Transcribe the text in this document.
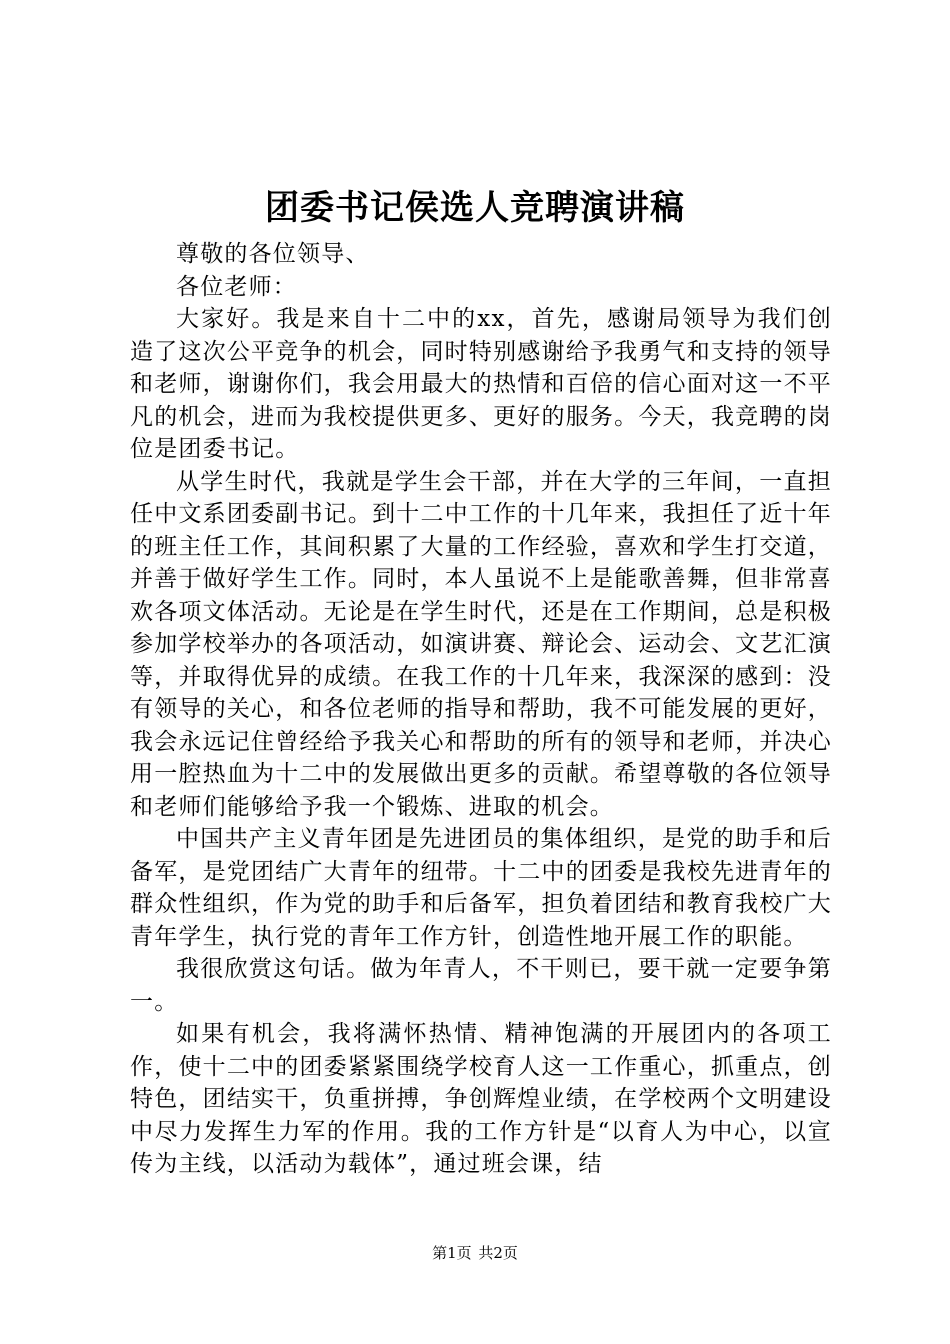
团委书记侯选人竞聘演讲稿

尊敬的各位领导、

各位老师：

大家好。我是来自十二中的xx，首先，感谢局领导为我们创造了这次公平竞争的机会，同时特别感谢给予我勇气和支持的领导和老师，谢谢你们，我会用最大的热情和百倍的信心面对这一不平凡的机会，进而为我校提供更多、更好的服务。今天，我竞聘的岗位是团委书记。

从学生时代，我就是学生会干部，并在大学的三年间，一直担任中文系团委副书记。到十二中工作的十几年来，我担任了近十年的班主任工作，其间积累了大量的工作经验，喜欢和学生打交道，并善于做好学生工作。同时，本人虽说不上是能歌善舞，但非常喜欢各项文体活动。无论是在学生时代，还是在工作期间，总是积极参加学校举办的各项活动，如演讲赛、辩论会、运动会、文艺汇演等，并取得优异的成绩。在我工作的十几年来，我深深的感到：没有领导的关心，和各位老师的指导和帮助，我不可能发展的更好，我会永远记住曾经给予我关心和帮助的所有的领导和老师，并决心用一腔热血为十二中的发展做出更多的贡献。希望尊敬的各位领导和老师们能够给予我一个锻炼、进取的机会。

中国共产主义青年团是先进团员的集体组织，是党的助手和后备军，是党团结广大青年的纽带。十二中的团委是我校先进青年的群众性组织，作为党的助手和后备军，担负着团结和教育我校广大青年学生，执行党的青年工作方针，创造性地开展工作的职能。

我很欣赏这句话。做为年青人，不干则已，要干就一定要争第一。

如果有机会，我将满怀热情、精神饱满的开展团内的各项工作，使十二中的团委紧紧围绕学校育人这一工作重心，抓重点，创特色，团结实干，负重拼搏，争创辉煌业绩，在学校两个文明建设中尽力发挥生力军的作用。我的工作方针是“以育人为中心，以宣传为主线，以活动为载体”，通过班会课，结

第1页 共2页
